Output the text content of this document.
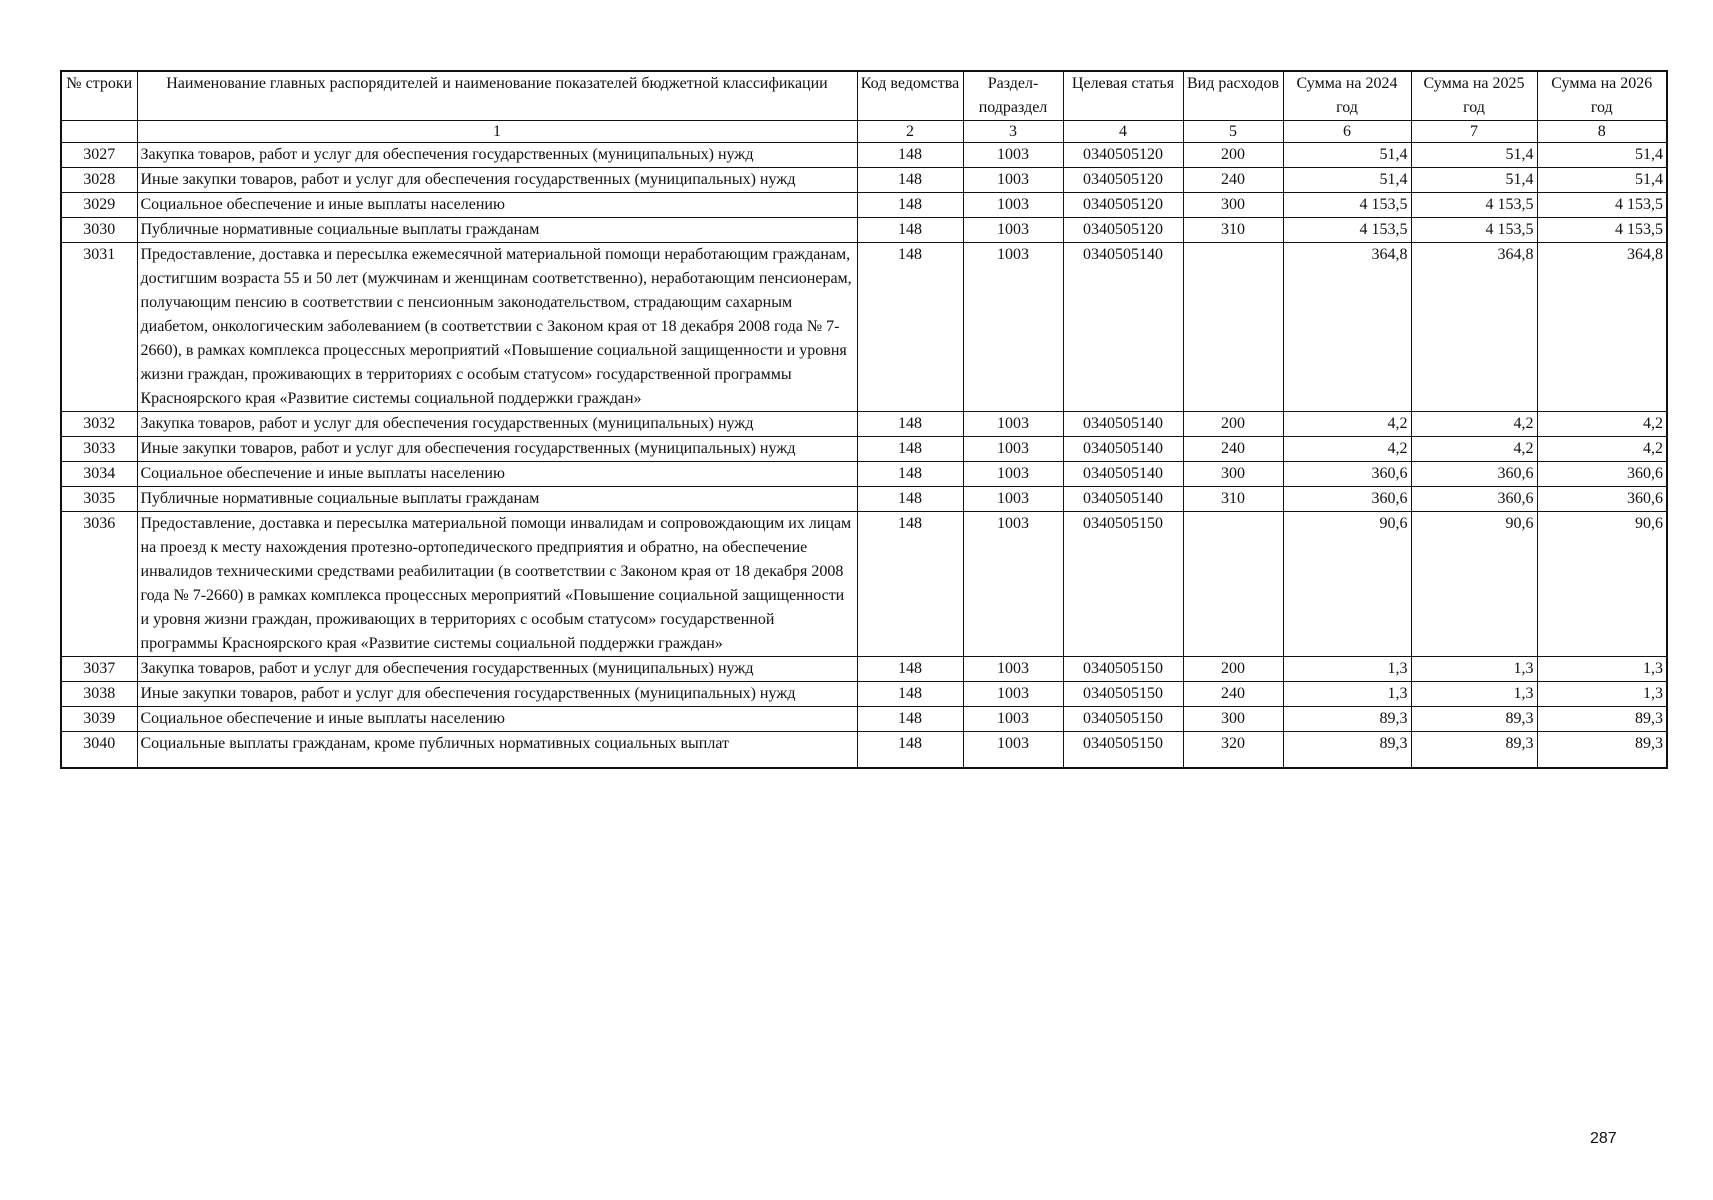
№ строки	Наименование главных распорядителей и наименование показателей бюджетной классификации	Код ведомства	Раздел-подраздел	Целевая статья	Вид расходов	Сумма на 2024 год	Сумма на 2025 год	Сумма на 2026 год
	1	2	3	4	5	6	7	8
3027	Закупка товаров, работ и услуг для обеспечения государственных (муниципальных) нужд	148	1003	0340505120	200	51,4	51,4	51,4
3028	Иные закупки товаров, работ и услуг для обеспечения государственных (муниципальных) нужд	148	1003	0340505120	240	51,4	51,4	51,4
3029	Социальное обеспечение и иные выплаты населению	148	1003	0340505120	300	4 153,5	4 153,5	4 153,5
3030	Публичные нормативные социальные выплаты гражданам	148	1003	0340505120	310	4 153,5	4 153,5	4 153,5
3031	Предоставление, доставка и пересылка ежемесячной материальной помощи неработающим гражданам, достигшим возраста 55 и 50 лет (мужчинам и женщинам соответственно), неработающим пенсионерам, получающим пенсию в соответствии с пенсионным законодательством, страдающим сахарным диабетом, онкологическим заболеванием (в соответствии с Законом края от 18 декабря 2008 года № 7-2660), в рамках комплекса процессных мероприятий «Повышение социальной защищенности и уровня жизни граждан, проживающих в территориях с особым статусом» государственной программы Красноярского края «Развитие системы социальной поддержки граждан»	148	1003	0340505140		364,8	364,8	364,8
3032	Закупка товаров, работ и услуг для обеспечения государственных (муниципальных) нужд	148	1003	0340505140	200	4,2	4,2	4,2
3033	Иные закупки товаров, работ и услуг для обеспечения государственных (муниципальных) нужд	148	1003	0340505140	240	4,2	4,2	4,2
3034	Социальное обеспечение и иные выплаты населению	148	1003	0340505140	300	360,6	360,6	360,6
3035	Публичные нормативные социальные выплаты гражданам	148	1003	0340505140	310	360,6	360,6	360,6
3036	Предоставление, доставка и пересылка материальной помощи инвалидам и сопровождающим их лицам на проезд к месту нахождения протезно-ортопедического предприятия и обратно, на обеспечение инвалидов техническими средствами реабилитации (в соответствии с Законом края от 18 декабря 2008 года № 7-2660) в рамках комплекса процессных мероприятий «Повышение социальной защищенности и уровня жизни граждан, проживающих в территориях с особым статусом» государственной программы Красноярского края «Развитие системы социальной поддержки граждан»	148	1003	0340505150		90,6	90,6	90,6
3037	Закупка товаров, работ и услуг для обеспечения государственных (муниципальных) нужд	148	1003	0340505150	200	1,3	1,3	1,3
3038	Иные закупки товаров, работ и услуг для обеспечения государственных (муниципальных) нужд	148	1003	0340505150	240	1,3	1,3	1,3
3039	Социальное обеспечение и иные выплаты населению	148	1003	0340505150	300	89,3	89,3	89,3
3040	Социальные выплаты гражданам, кроме публичных нормативных социальных выплат	148	1003	0340505150	320	89,3	89,3	89,3
287
